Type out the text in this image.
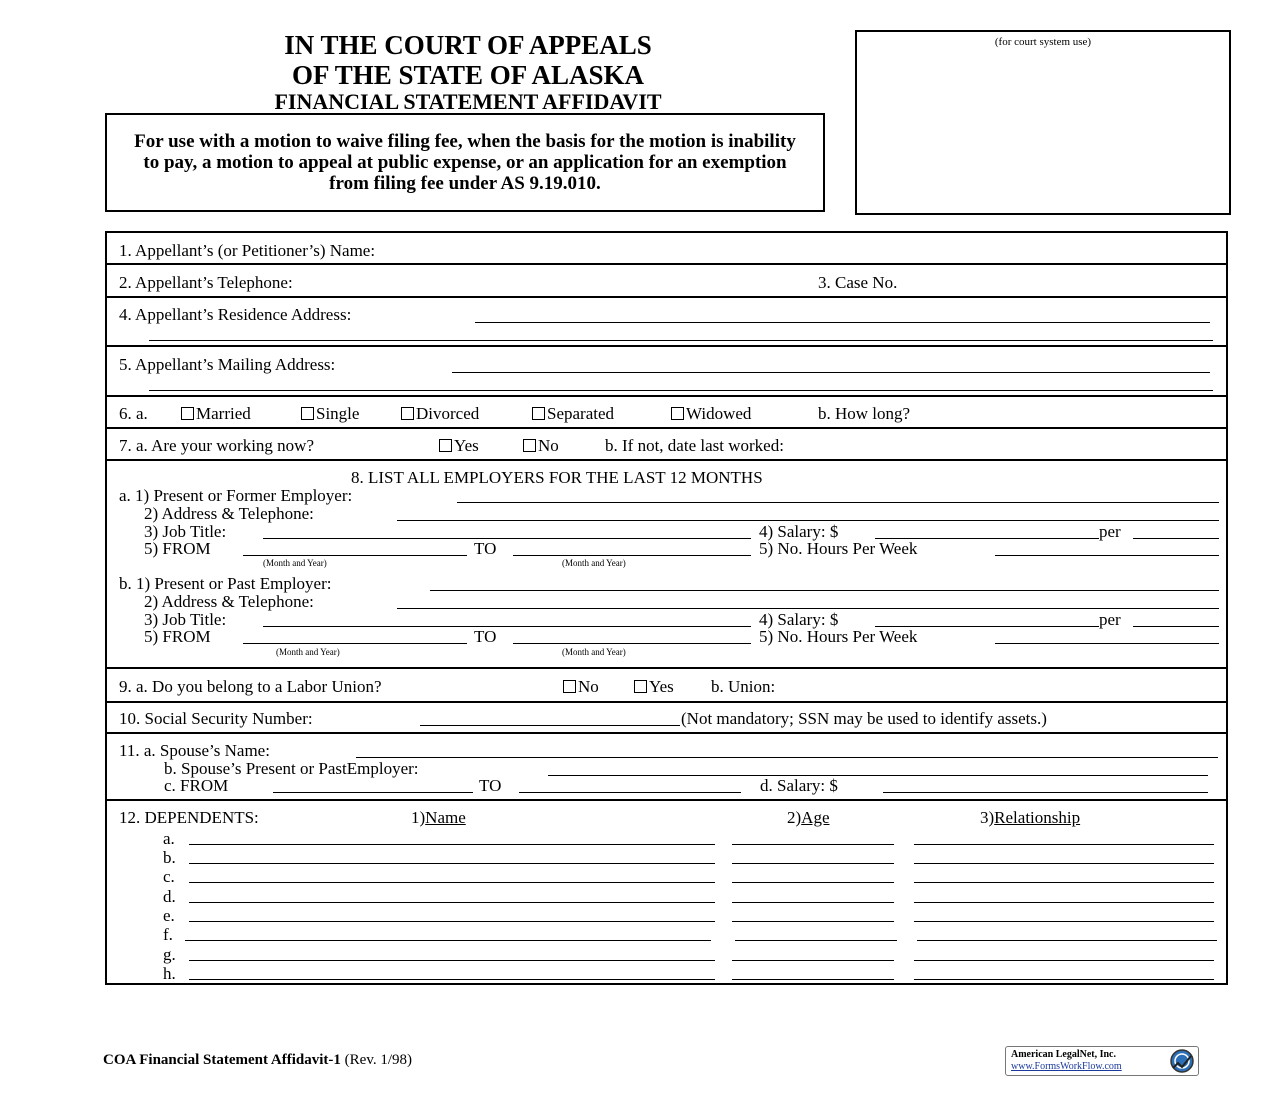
IN THE COURT OF APPEALS
OF THE STATE OF ALASKA
FINANCIAL STATEMENT AFFIDAVIT
For use with a motion to waive filing fee, when the basis for the motion is inability to pay, a motion to appeal at public expense, or an application for an exemption from filing fee under AS 9.19.010.
(for court system use)
1. Appellant’s (or Petitioner’s) Name:
2. Appellant’s Telephone:	3. Case No.
4. Appellant’s Residence Address:
5. Appellant’s Mailing Address:
6. a.	Married	Single	Divorced	Separated	Widowed	b. How long?
7. a. Are your working now?	Yes	No	b. If not, date last worked:
8. LIST ALL EMPLOYERS FOR THE LAST 12 MONTHS
a. 1) Present or Former Employer:
2) Address & Telephone:
3) Job Title:	4) Salary: $	per
5) FROM	TO	5) No. Hours Per Week
(Month and Year)	(Month and Year)
b. 1) Present or Past Employer:
2) Address & Telephone:
3) Job Title:	4) Salary: $	per
5) FROM	TO	5) No. Hours Per Week
(Month and Year)	(Month and Year)
9. a. Do you belong to a Labor Union?	No	Yes b. Union:
10. Social Security Number:	(Not mandatory; SSN may be used to identify assets.)
11. a. Spouse’s Name:
b. Spouse’s Present or PastEmployer:
c. FROM	TO	d. Salary: $
12. DEPENDENTS:	1)Name	2)Age	3)Relationship
a.
b.
c.
d.
e.
f.
g.
h.
COA Financial Statement Affidavit-1 (Rev. 1/98)	American LegalNet, Inc.
www.FormsWorkFlow.com
